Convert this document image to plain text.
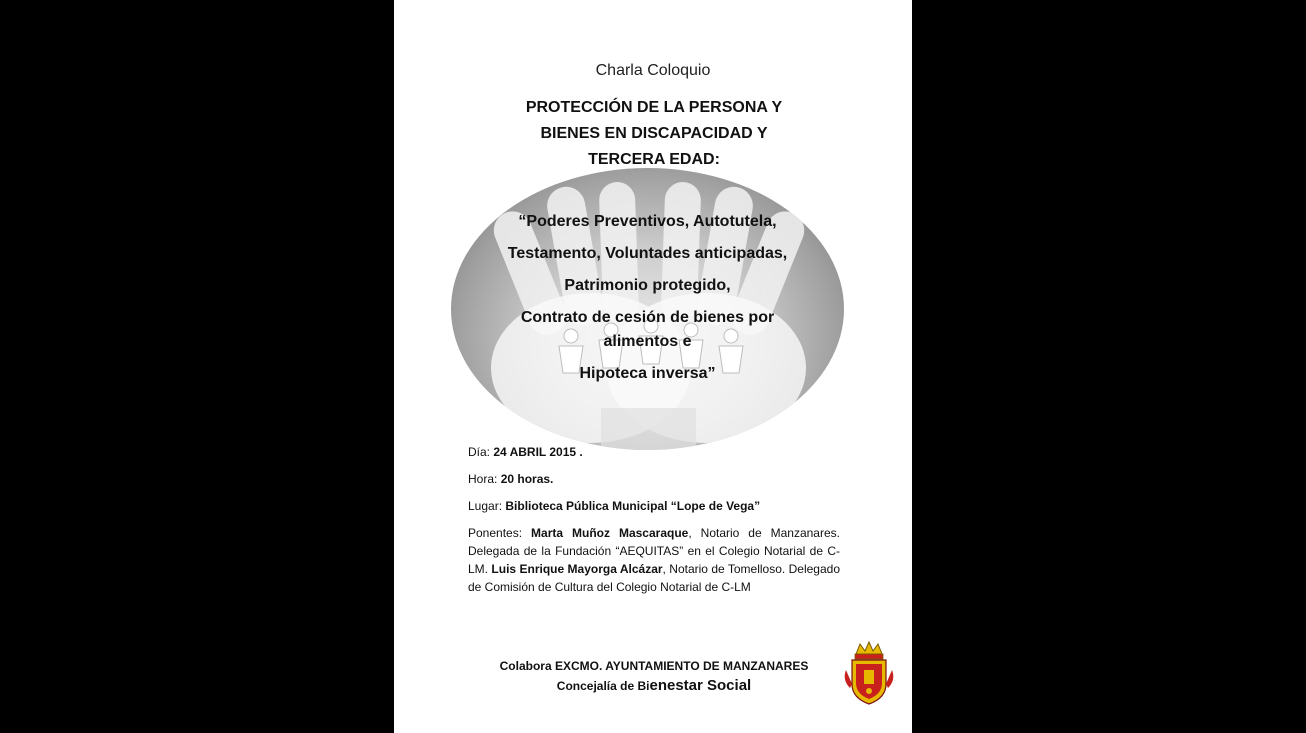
Charla Coloquio
PROTECCIÓN DE LA PERSONA Y
BIENES EN DISCAPACIDAD Y
TERCERA EDAD:
“Poderes Preventivos, Autotutela,
Testamento, Voluntades anticipadas,
Patrimonio protegido,
Contrato de cesión de bienes por
alimentos e
Hipoteca inversa”
Día: 24 ABRIL 2015 .
Hora: 20 horas.
Lugar: Biblioteca Pública Municipal “Lope de Vega”
Ponentes: Marta Muñoz Mascaraque, Notario de Manzanares. Delegada de la Fundación “AEQUITAS” en el Colegio Notarial de C-LM. Luis Enrique Mayorga Alcázar, Notario de Tomelloso. Delegado de Comisión de Cultura del Colegio Notarial de C-LM
Colabora EXCMO. AYUNTAMIENTO DE MANZANARES
Concejalía de Bienestar Social
